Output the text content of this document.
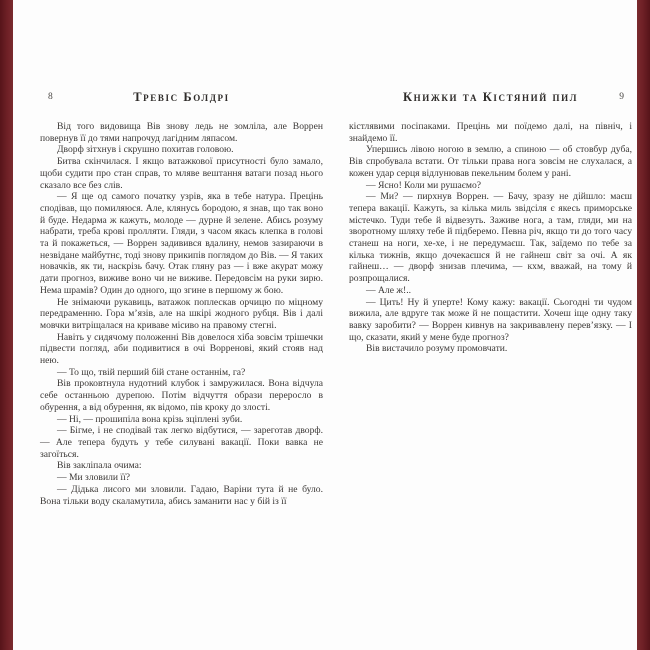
8	Тревіс Болдрі

Від того видовища Вів знову ледь не зомліла, але Воррен повернув її до тями напрочуд лагідним ляпасом.

Дворф зітхнув і скрушно похитав головою.

Битва скінчилася. І якщо ватажкової присутності було замало, щоби судити про стан справ, то мляве вештання ватаги позад нього сказало все без слів.

— Я ще од самого початку узрів, яка в тебе натура. Прецінь сподівав, що помиляюся. Але, клянусь бородою, я знав, що так воно й буде. Недарма ж кажуть, молоде — дурне й зелене. Абись розуму набрати, треба крові пролляти. Гляди, з часом якась клепка в голові та й покажеться, — Воррен задивився вдалину, немов зазираючи в незвідане майбутнє, тоді знову прикипів поглядом до Вів. — Я таких новачків, як ти, наскрізь бачу. Отак гляну раз — і вже акурат можу дати прогноз, виживе воно чи не виживе. Передовсім на руки зирю. Нема шрамів? Один до одного, що згине в першому ж бою.

Не знімаючи рукавиць, ватажок поплескав орчицю по міцному передраменню. Гора м’язів, але на шкірі жодного рубця. Вів і далі мовчки витріщалася на криваве місиво на правому стегні.

Навіть у сидячому положенні Вів довелося хіба зовсім трішечки підвести погляд, аби подивитися в очі Ворренові, який стояв над нею.

— То що, твій перший бій стане останнім, га?

Вів проковтнула нудотний клубок і замружилася. Вона відчула себе останньою дурепою. Потім відчуття образи переросло в обурення, а від обурення, як відомо, пів кроку до злості.

— Ні, — прошипіла вона крізь зціплені зуби.

— Бігме, і не сподівай так легко відбутися, — зареготав дворф. — Але тепера будуть у тебе силувані вакації. Поки вавка не загоїться.

Вів закліпала очима:

— Ми зловили її?

— Дідька лисого ми зловили. Гадаю, Варіни тута й не було. Вона тільки воду скаламутила, абись заманити нас у бій із її

Книжки та Кістяний пил	9

кістлявими посіпаками. Прецінь ми поїдемо далі, на північ, і знайдемо її.

Упершись лівою ногою в землю, а спиною — об стовбур дуба, Вів спробувала встати. От тільки права нога зовсім не слухалася, а кожен удар серця відлунював пекельним болем у рані.

— Ясно! Коли ми рушаємо?

— Ми? — пирхнув Воррен. — Бачу, зразу не дійшло: маєш тепера вакації. Кажуть, за кілька миль звідсіля є якесь приморське містечко. Туди тебе й відвезуть. Заживе нога, а там, гляди, ми на зворотному шляху тебе й підберемо. Певна річ, якщо ти до того часу станеш на ноги, хе-хе, і не передумаєш. Так, заїдемо по тебе за кілька тижнів, якщо дочекаєшся й не гайнеш світ за очі. А як гайнеш… — дворф знизав плечима, — кхм, вважай, на тому й розпрощалися.

— Але ж!..

— Цить! Ну й уперте! Кому кажу: вакації. Сьогодні ти чудом вижила, але вдруге так може й не пощастити. Хочеш іще одну таку вавку заробити? — Воррен кивнув на закривавлену перев’язку. — І що, сказати, який у мене буде прогноз?

Вів вистачило розуму промовчати.
